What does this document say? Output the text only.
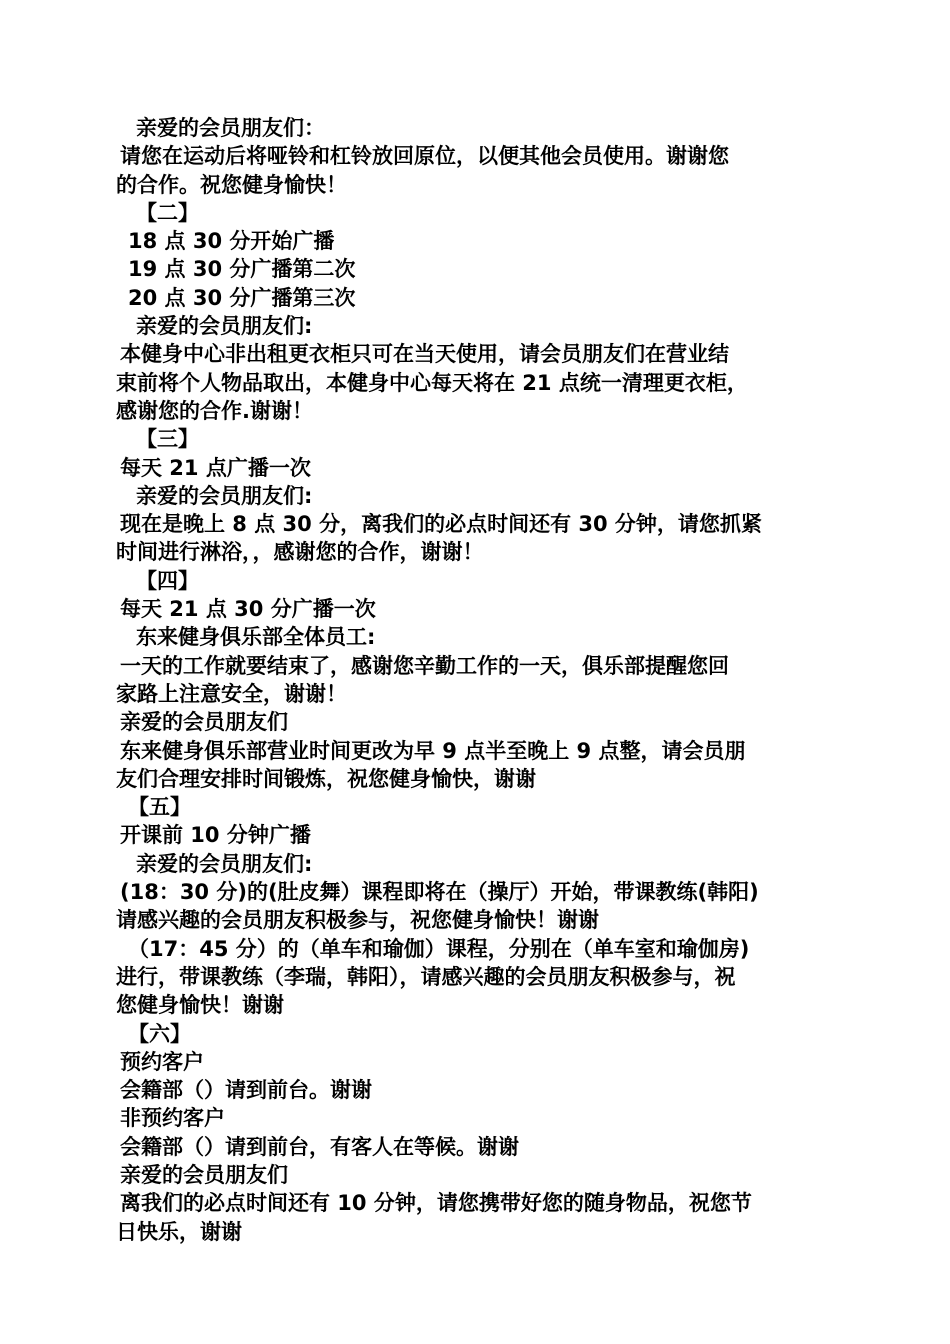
亲爱的会员朋友们：
请您在运动后将哑铃和杠铃放回原位，以便其他会员使用。谢谢您
的合作。祝您健身愉快！
【二】
18 点 30 分开始广播
19 点 30 分广播第二次
20 点 30 分广播第三次
亲爱的会员朋友们:
本健身中心非出租更衣柜只可在当天使用，请会员朋友们在营业结
束前将个人物品取出，本健身中心每天将在 21 点统一清理更衣柜，
感谢您的合作.谢谢！
【三】
每天 21 点广播一次
亲爱的会员朋友们:
现在是晚上 8 点 30 分，离我们的必点时间还有 30 分钟，请您抓紧
时间进行淋浴，，感谢您的合作，谢谢！
【四】
每天 21 点 30 分广播一次
东来健身俱乐部全体员工:
一天的工作就要结束了，感谢您辛勤工作的一天，俱乐部提醒您回
家路上注意安全，谢谢！
亲爱的会员朋友们
东来健身俱乐部营业时间更改为早 9 点半至晚上 9 点整，请会员朋
友们合理安排时间锻炼，祝您健身愉快，谢谢
【五】
开课前 10 分钟广播
亲爱的会员朋友们:
(18：30 分)的(肚皮舞）课程即将在（操厅）开始，带课教练(韩阳)
请感兴趣的会员朋友积极参与，祝您健身愉快！谢谢
（17：45 分）的（单车和瑜伽）课程，分别在（单车室和瑜伽房)
进行，带课教练（李瑞，韩阳），请感兴趣的会员朋友积极参与，祝
您健身愉快！谢谢
【六】
预约客户
会籍部（）请到前台。谢谢
非预约客户
会籍部（）请到前台，有客人在等候。谢谢
亲爱的会员朋友们
离我们的必点时间还有 10 分钟，请您携带好您的随身物品，祝您节
日快乐，谢谢
